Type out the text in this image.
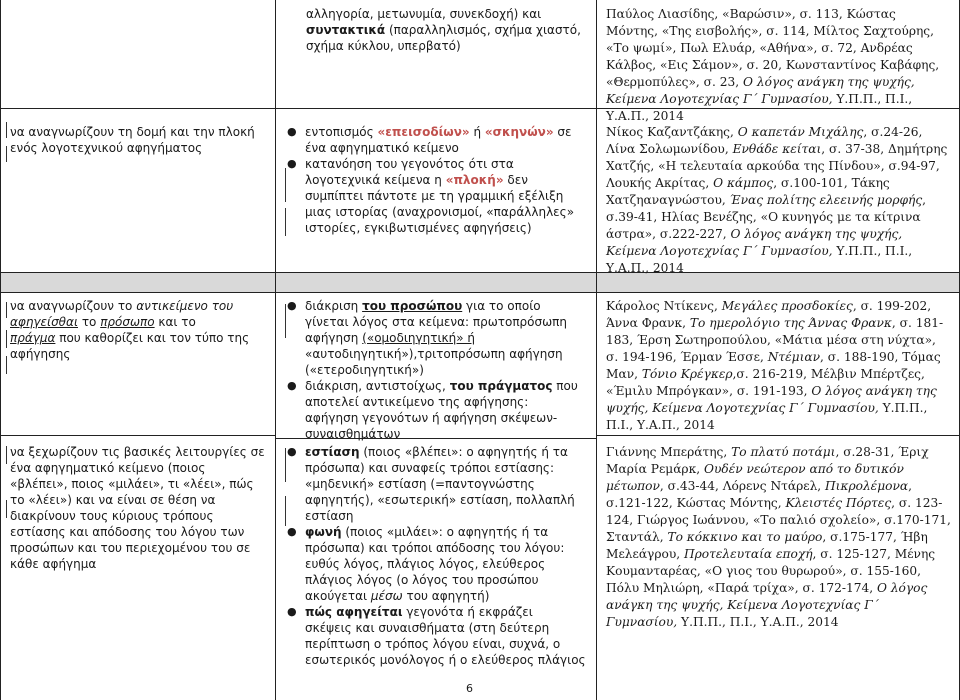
αλληγορία, μετωνυμία, συνεκδοχή) και

συντακτικά (παραλληλισμός, σχήμα χιαστό,

σχήμα κύκλου, υπερβατό)

Παύλος Λιασίδης, «Βαρώσιν», σ. 113, Κώστας

Μόντης, «Της εισβολής», σ. 114, Μίλτος Σαχτούρης,

«Το ψωμί», Πωλ Ελυάρ, «Αθήνα», σ. 72, Ανδρέας

Κάλβος, «Εις Σάμον», σ. 20, Κωνσταντίνος Καβάφης,

«Θερμοπύλες», σ. 23, Ο λόγος ανάγκη της ψυχής,

Κείμενα Λογοτεχνίας Γ΄ Γυμνασίου, Υ.Π.Π., Π.Ι.,

Υ.Α.Π., 2014

να αναγνωρίζουν τη δομή και την πλοκή

ενός λογοτεχνικού αφηγήματος

● εντοπισμός «επεισοδίων» ή «σκηνών» σε

ένα αφηγηματικό κείμενο

● κατανόηση του γεγονότος ότι στα

λογοτεχνικά κείμενα η «πλοκή» δεν

συμπίπτει πάντοτε με τη γραμμική εξέλιξη

μιας ιστορίας (αναχρονισμοί, «παράλληλες»

ιστορίες, εγκιβωτισμένες αφηγήσεις)

Νίκος Καζαντζάκης, Ο καπετάν Μιχάλης, σ.24-26,

Λίνα Σολωμωνίδου, Ενθάδε κείται, σ. 37-38, Δημήτρης

Χατζής, «Η τελευταία αρκούδα της Πίνδου», σ.94-97,

Λουκής Ακρίτας, Ο κάμπος, σ.100-101, Τάκης

Χατζηαναγνώστου, Ένας πολίτης ελεεινής μορφής,

σ.39-41, Ηλίας Βενέζης, «Ο κυνηγός με τα κίτρινα

άστρα», σ.222-227, Ο λόγος ανάγκη της ψυχής,

Κείμενα Λογοτεχνίας Γ΄ Γυμνασίου, Υ.Π.Π., Π.Ι.,

Υ.Α.Π., 2014

να αναγνωρίζουν το αντικείμενο του

αφηγείσθαι το πρόσωπο και το

πράγμα που καθορίζει και τον τύπο της

αφήγησης

● διάκριση του προσώπου για το οποίο

γίνεται λόγος στα κείμενα: πρωτοπρόσωπη

αφήγηση («ομοδιηγητική» ή

«αυτοδιηγητική»),τριτοπρόσωπη αφήγηση

(«ετεροδιηγητική»)

● διάκριση, αντιστοίχως, του πράγματος που

αποτελεί αντικείμενο της αφήγησης:

αφήγηση γεγονότων ή αφήγηση σκέψεων-

συναισθημάτων

Κάρολος Ντίκενς, Μεγάλες προσδοκίες, σ. 199-202,

Άννα Φρανκ, Το ημερολόγιο της Άννας Φρανκ, σ. 181-

183, Έρση Σωτηροπούλου, «Μάτια μέσα στη νύχτα»,

σ. 194-196, Έρμαν Έσσε, Ντέμιαν, σ. 188-190, Τόμας

Μαν, Τόνιο Κρέγκερ,σ. 216-219, Μέλβιν Μπέρτζες,

«Έμιλυ Μπρόγκαν», σ. 191-193, Ο λόγος ανάγκη της

ψυχής, Κείμενα Λογοτεχνίας Γ΄ Γυμνασίου, Υ.Π.Π.,

Π.Ι., Υ.Α.Π., 2014

να ξεχωρίζουν τις βασικές λειτουργίες σε

ένα αφηγηματικό κείμενο (ποιος

«βλέπει», ποιος «μιλάει», τι «λέει», πώς

το «λέει») και να είναι σε θέση να

διακρίνουν τους κύριους τρόπους

εστίασης και απόδοσης του λόγου των

προσώπων και του περιεχομένου του σε

κάθε αφήγημα

● εστίαση (ποιος «βλέπει»: ο αφηγητής ή τα

πρόσωπα) και συναφείς τρόποι εστίασης:

«μηδενική» εστίαση (=παντογνώστης

αφηγητής), «εσωτερική» εστίαση, πολλαπλή

εστίαση

● φωνή (ποιος «μιλάει»: ο αφηγητής ή τα

πρόσωπα) και τρόποι απόδοσης του λόγου:

ευθύς λόγος, πλάγιος λόγος, ελεύθερος

πλάγιος λόγος (ο λόγος του προσώπου

ακούγεται μέσω του αφηγητή)

● πώς αφηγείται γεγονότα ή εκφράζει

σκέψεις και συναισθήματα (στη δεύτερη

περίπτωση ο τρόπος λόγου είναι, συχνά, ο

εσωτερικός μονόλογος ή ο ελεύθερος πλάγιος

Γιάννης Μπεράτης, Το πλατύ ποτάμι, σ.28-31, Έριχ

Μαρία Ρεμάρκ, Ουδέν νεώτερον από το δυτικόν

μέτωπον, σ.43-44, Λόρενς Ντάρελ, Πικρολέμονα,

σ.121-122, Κώστας Μόντης, Κλειστές Πόρτες, σ. 123-

124, Γιώργος Ιωάννου, «Το παλιό σχολείο», σ.170-171,

Σταντάλ, Το κόκκινο και το μαύρο, σ.175-177, Ήβη

Μελεάγρου, Προτελευταία εποχή, σ. 125-127, Μένης

Κουμανταρέας, «Ο γιος του θυρωρού», σ. 155-160,

Πόλυ Μηλιώρη, «Παρά τρίχα», σ. 172-174, Ο λόγος

ανάγκη της ψυχής, Κείμενα Λογοτεχνίας Γ΄

Γυμνασίου, Υ.Π.Π., Π.Ι., Υ.Α.Π., 2014

6
